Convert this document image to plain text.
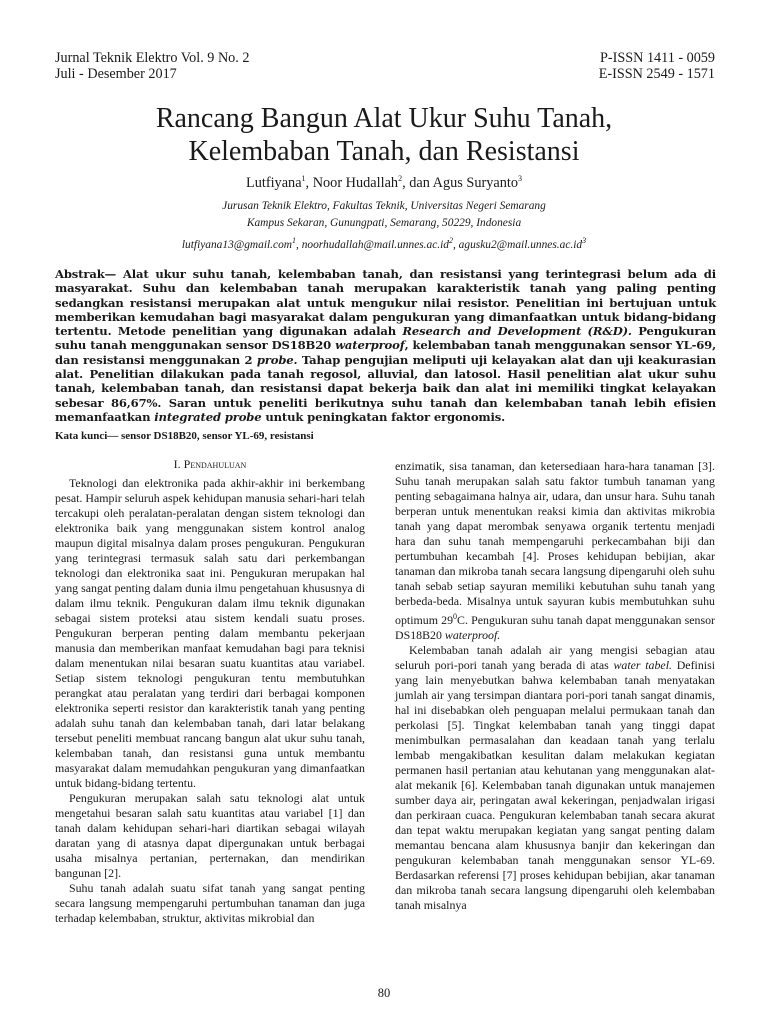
Jurnal Teknik Elektro Vol. 9 No. 2
Juli - Desember 2017
P-ISSN 1411 - 0059
E-ISSN 2549 - 1571
Rancang Bangun Alat Ukur Suhu Tanah,
Kelembaban Tanah, dan Resistansi
Lutfiyana$^1$, Noor Hudallah$^2$, dan Agus Suryanto$^3$
Jurusan Teknik Elektro, Fakultas Teknik, Universitas Negeri Semarang
Kampus Sekaran, Gunungpati, Semarang, 50229, Indonesia
lutfiyana13@gmail.com$^1$, $noorhudallah@mail.unnes.ac.id^2$, $agusku2@mail.unnes.ac.id^3$
Abstrak— Alat ukur suhu tanah, kelembaban tanah, dan resistansi yang terintegrasi belum ada di masyarakat. Suhu dan kelembaban tanah merupakan karakteristik tanah yang paling penting sedangkan resistansi merupakan alat untuk mengukur nilai resistor. Penelitian ini bertujuan untuk memberikan kemudahan bagi masyarakat dalam pengukuran yang dimanfaatkan untuk bidang-bidang tertentu. Metode penelitian yang digunakan adalah Research and Development (R&D). Pengukuran suhu tanah menggunakan sensor DS18B20 waterproof, kelembaban tanah menggunakan sensor YL-69, dan resistansi menggunakan 2 probe. Tahap pengujian meliputi uji kelayakan alat dan uji keakurasian alat. Penelitian dilakukan pada tanah regosol, alluvial, dan latosol. Hasil penelitian alat ukur suhu tanah, kelembaban tanah, dan resistansi dapat bekerja baik dan alat ini memiliki tingkat kelayakan sebesar 86,67%. Saran untuk peneliti berikutnya suhu tanah dan kelembaban tanah lebih efisien memanfaatkan integrated probe untuk peningkatan faktor ergonomis.
Kata kunci— sensor DS18B20, sensor YL-69, resistansi
I. Pendahuluan

Teknologi dan elektronika pada akhir-akhir ini berkembang pesat. Hampir seluruh aspek kehidupan manusia sehari-hari telah tercakupi oleh peralatan-peralatan dengan sistem teknologi dan elektronika baik yang menggunakan sistem kontrol analog maupun digital misalnya dalam proses pengukuran. Pengukuran yang terintegrasi termasuk salah satu dari perkembangan teknologi dan elektronika saat ini. Pengukuran merupakan hal yang sangat penting dalam dunia ilmu pengetahuan khususnya di dalam ilmu teknik. Pengukuran dalam ilmu teknik digunakan sebagai sistem proteksi atau sistem kendali suatu proses. Pengukuran berperan penting dalam membantu pekerjaan manusia dan memberikan manfaat kemudahan bagi para teknisi dalam menentukan nilai besaran suatu kuantitas atau variabel. Setiap sistem teknologi pengukuran tentu membutuhkan perangkat atau peralatan yang terdiri dari berbagai komponen elektronika seperti resistor dan karakteristik tanah yang penting adalah suhu tanah dan kelembaban tanah, dari latar belakang tersebut peneliti membuat rancang bangun alat ukur suhu tanah, kelembaban tanah, dan resistansi guna untuk membantu masyarakat dalam memudahkan pengukuran yang dimanfaatkan untuk bidang-bidang tertentu.

Pengukuran merupakan salah satu teknologi alat untuk mengetahui besaran salah satu kuantitas atau variabel [1] dan tanah dalam kehidupan sehari-hari diartikan sebagai wilayah daratan yang di atasnya dapat dipergunakan untuk berbagai usaha misalnya pertanian, perternakan, dan mendirikan bangunan [2].

Suhu tanah adalah suatu sifat tanah yang sangat penting secara langsung mempengaruhi pertumbuhan tanaman dan juga terhadap kelembaban, struktur, aktivitas mikrobial dan

enzimatik, sisa tanaman, dan ketersediaan hara-hara tanaman [3]. Suhu tanah merupakan salah satu faktor tumbuh tanaman yang penting sebagaimana halnya air, udara, dan unsur hara. Suhu tanah berperan untuk menentukan reaksi kimia dan aktivitas mikrobia tanah yang dapat merombak senyawa organik tertentu menjadi hara dan suhu tanah mempengaruhi perkecambahan biji dan pertumbuhan kecambah [4]. Proses kehidupan bebijian, akar tanaman dan mikroba tanah secara langsung dipengaruhi oleh suhu tanah sebab setiap sayuran memiliki kebutuhan suhu tanah yang berbeda-beda. Misalnya untuk sayuran kubis membutuhkan suhu optimum $29^0C$. Pengukuran suhu tanah dapat menggunakan sensor DS18B20 waterproof.

Kelembaban tanah adalah air yang mengisi sebagian atau seluruh pori-pori tanah yang berada di atas water tabel. Definisi yang lain menyebutkan bahwa kelembaban tanah menyatakan jumlah air yang tersimpan diantara pori-pori tanah sangat dinamis, hal ini disebabkan oleh penguapan melalui permukaan tanah dan perkolasi [5]. Tingkat kelembaban tanah yang tinggi dapat menimbulkan permasalahan dan keadaan tanah yang terlalu lembab mengakibatkan kesulitan dalam melakukan kegiatan permanen hasil pertanian atau kehutanan yang menggunakan alat-alat mekanik [6]. Kelembaban tanah digunakan untuk manajemen sumber daya air, peringatan awal kekeringan, penjadwalan irigasi dan perkiraan cuaca. Pengukuran kelembaban tanah secara akurat dan tepat waktu merupakan kegiatan yang sangat penting dalam memantau bencana alam khususnya banjir dan kekeringan dan pengukuran kelembaban tanah menggunakan sensor YL-69. Berdasarkan referensi [7] proses kehidupan bebijian, akar tanaman dan mikroba tanah secara langsung dipengaruhi oleh kelembaban tanah misalnya

80
